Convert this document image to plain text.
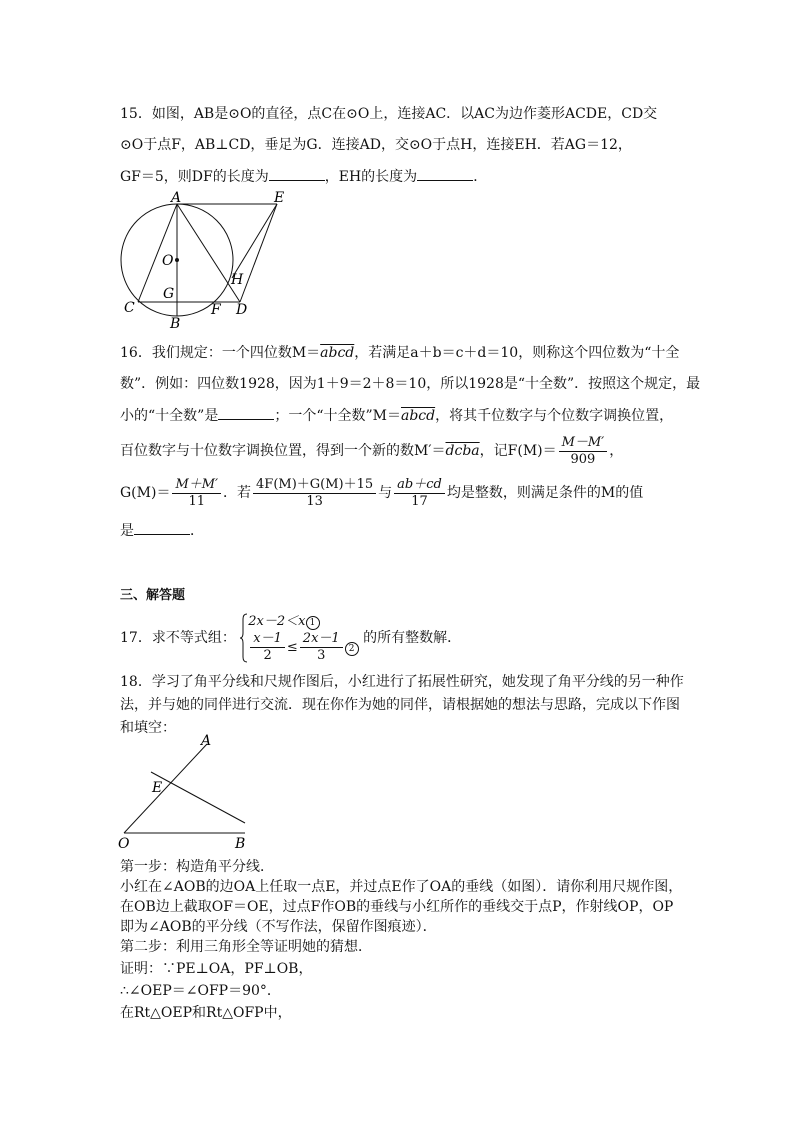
15．如图，AB是⊙O的直径，点C在⊙O上，连接AC．以AC为边作菱形ACDE，CD交
⊙O于点F，AB⊥CD，垂足为G．连接AD，交⊙O于点H，连接EH．若AG＝12，
GF＝5，则DF的长度为	，EH的长度为	．
A	E
O
G
H
C
B
F D
16．我们规定：一个四位数M＝abcd，若满足a＋b＝c＋d＝10，则称这个四位数为“十全
数”．例如：四位数1928，因为1＋9＝2＋8＝10，所以1928是“十全数”．按照这个规定，最
小的“十全数”是	；一个“十全数”M＝abcd，将其千位数字与个位数字调换位置，
百位数字与十位数字调换位置，得到一个新的数M′＝dcba，记$F(M)= \frac{M-M'}{909}$ ，
$G(M)= \frac{M+M'}{11}$ ．若 $\frac{4F(M)+G(M)+15}{13}$ 与 $\frac{ab+cd}{17}$ 均是整数，则满足条件的M的值
是	．
三、解答题
17．求不等式组：
2x－2＜x 1
$\frac{x-1}{2} \le \frac{2x-1}{3} 2$
的所有整数解．
18．学习了角平分线和尺规作图后，小红进行了拓展性研究，她发现了角平分线的另一种作
法，并与她的同伴进行交流．现在你作为她的同伴，请根据她的想法与思路，完成以下作图
和填空：
A
E
O	B
第一步：构造角平分线．
小红在∠AOB的边OA上任取一点E，并过点E作了OA的垂线（如图）．请你利用尺规作图，
在OB边上截取OF＝OE，过点F作OB的垂线与小红所作的垂线交于点P，作射线OP，OP
即为∠AOB的平分线（不写作法，保留作图痕迹）．
第二步：利用三角形全等证明她的猜想．
证明：∵PE⊥OA，PF⊥OB，
∴∠OEP＝∠OFP＝90°．
在Rt△OEP和Rt△OFP中，
